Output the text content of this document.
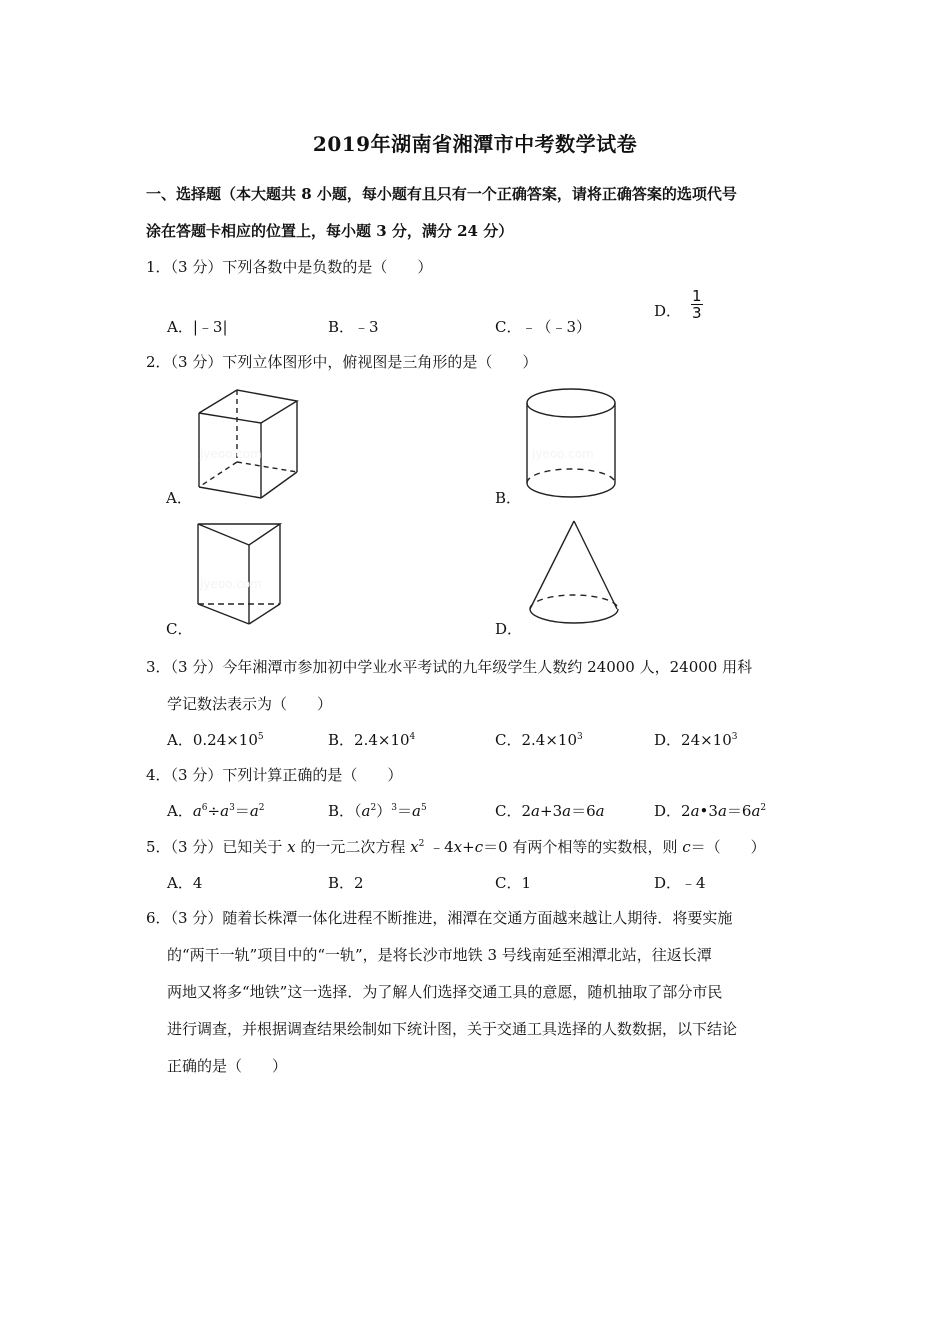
2019年湖南省湘潭市中考数学试卷
一、选择题（本大题共 8 小题，每小题有且只有一个正确答案，请将正确答案的选项代号
涂在答题卡相应的位置上，每小题 3 分，满分 24 分）
1．（3 分）下列各数中是负数的是（　　）
A．|﹣3|	B．﹣3	C．﹣（﹣3）
D． $\frac{1}{3}$
2．（3 分）下列立体图形中，俯视图是三角形的是（　　）
jyeoo.com	jyeoo.com
jyeoo.com
A．	B．
C．	D．
3．（3 分）今年湘潭市参加初中学业水平考试的九年级学生人数约 24000 人，24000 用科
学记数法表示为（　　）
A．$0.24\times 10^5$	B．$2.4\times 10^4$	C．$2.4\times 10^3$	D．$24\times 10^3$
4．（3 分）下列计算正确的是（　　）
A．$a^6\div a^3=a^2$	B．$(a^2)^3=a^5$	C．2a+3a＝6a	D．$2a•3a=6a^2$
5．（3 分）已知关于 x 的一元二次方程 $x^2$ ﹣4x+c＝0 有两个相等的实数根，则 c＝（　　）
A．4	B．2	C．1	D．﹣4
6．（3 分）随着长株潭一体化进程不断推进，湘潭在交通方面越来越让人期待．将要实施
的“两干一轨”项目中的“一轨”，是将长沙市地铁 3 号线南延至湘潭北站，往返长潭
两地又将多“地铁”这一选择．为了解人们选择交通工具的意愿，随机抽取了部分市民
进行调查，并根据调查结果绘制如下统计图，关于交通工具选择的人数数据，以下结论
正确的是（　　）
